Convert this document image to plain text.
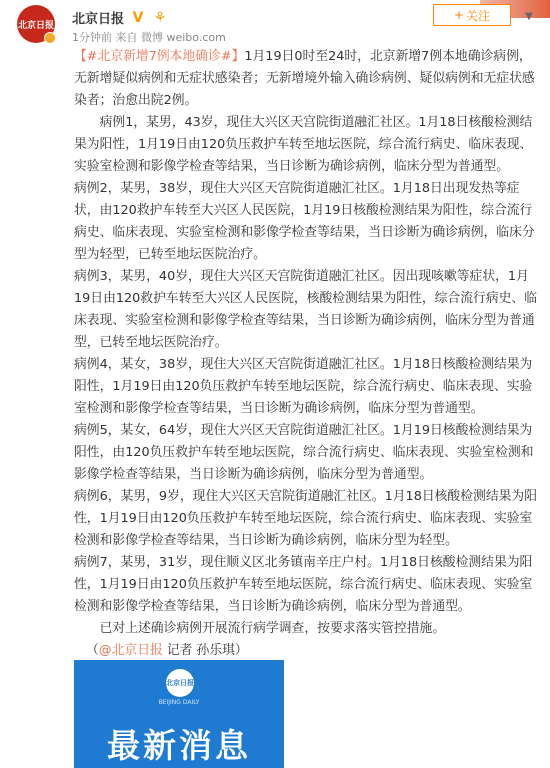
北京日报 北京日报 V ⚘
1分钟前 来自 微博 weibo.com
+ 关注	▼

【#北京新增7例本地确诊#】1月19日0时至24时，北京新增7例本地确诊病例，无新增疑似病例和无症状感染者；无新增境外输入确诊病例、疑似病例和无症状感染者；治愈出院2例。

病例1，某男，43岁，现住大兴区天宫院街道融汇社区。1月18日核酸检测结果为阳性，1月19日由120负压救护车转至地坛医院，综合流行病史、临床表现、实验室检测和影像学检查等结果，当日诊断为确诊病例，临床分型为普通型。

病例2，某男，38岁，现住大兴区天宫院街道融汇社区。1月18日出现发热等症状，由120救护车转至大兴区人民医院，1月19日核酸检测结果为阳性，综合流行病史、临床表现、实验室检测和影像学检查等结果，当日诊断为确诊病例，临床分型为轻型，已转至地坛医院治疗。

病例3，某男，40岁，现住大兴区天宫院街道融汇社区。因出现咳嗽等症状，1月19日由120救护车转至大兴区人民医院，核酸检测结果为阳性，综合流行病史、临床表现、实验室检测和影像学检查等结果，当日诊断为确诊病例，临床分型为普通型，已转至地坛医院治疗。

病例4，某女，38岁，现住大兴区天宫院街道融汇社区。1月18日核酸检测结果为阳性，1月19日由120负压救护车转至地坛医院，综合流行病史、临床表现、实验室检测和影像学检查等结果，当日诊断为确诊病例，临床分型为普通型。

病例5，某女，64岁，现住大兴区天宫院街道融汇社区。1月19日核酸检测结果为阳性，由120负压救护车转至地坛医院，综合流行病史、临床表现、实验室检测和影像学检查等结果，当日诊断为确诊病例，临床分型为普通型。

病例6，某男，9岁，现住大兴区天宫院街道融汇社区。1月18日核酸检测结果为阳性，1月19日由120负压救护车转至地坛医院，综合流行病史、临床表现、实验室检测和影像学检查等结果，当日诊断为确诊病例，临床分型为轻型。

病例7，某男，31岁，现住顺义区北务镇南辛庄户村。1月18日核酸检测结果为阳性，1月19日由120负压救护车转至地坛医院，综合流行病史、临床表现、实验室检测和影像学检查等结果，当日诊断为确诊病例，临床分型为普通型。

已对上述确诊病例开展流行病学调查，按要求落实管控措施。

（@北京日报 记者 孙乐琪）

北京日报
BEIJING DAILY
最新消息
